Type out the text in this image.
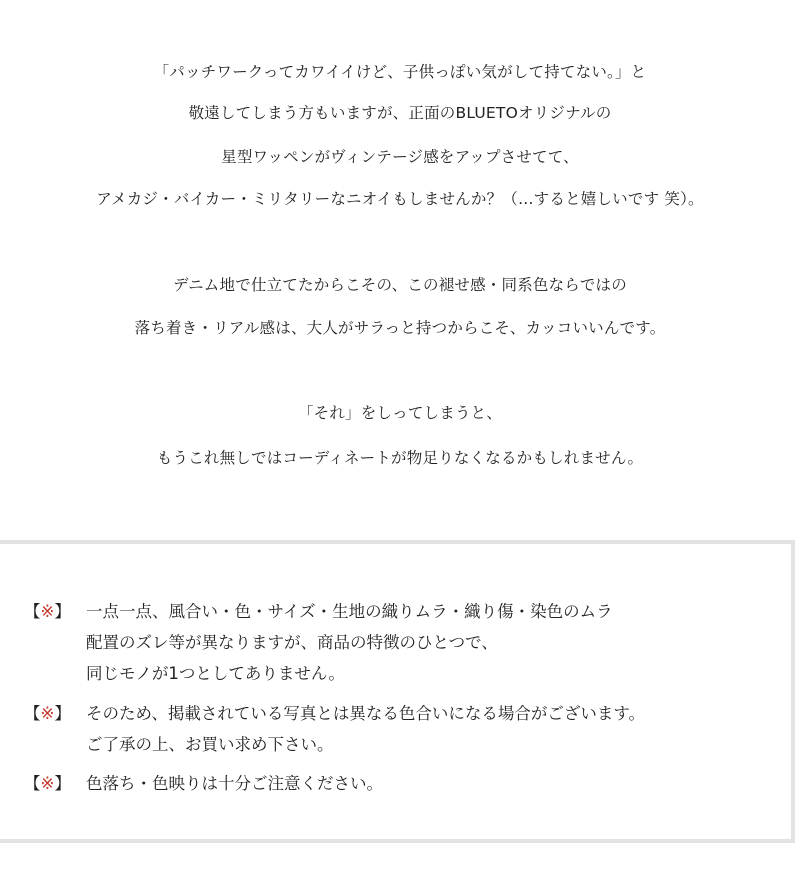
「パッチワークってカワイイけど、子供っぽい気がして持てない。」と
敬遠してしまう方もいますが、正面のBLUETOオリジナルの
星型ワッペンがヴィンテージ感をアップさせてて、
アメカジ・バイカー・ミリタリーなニオイもしませんか？（…すると嬉しいです 笑）。
デニム地で仕立てたからこその、この褪せ感・同系色ならではの
落ち着き・リアル感は、大人がサラっと持つからこそ、カッコいいんです。
「それ」をしってしまうと、
もうこれ無しではコーディネートが物足りなくなるかもしれません。
【※】 一点一点、風合い・色・サイズ・生地の織りムラ・織り傷・染色のムラ
配置のズレ等が異なりますが、商品の特徴のひとつで、
同じモノが1つとしてありません。
【※】 そのため、掲載されている写真とは異なる色合いになる場合がございます。
ご了承の上、お買い求め下さい。
【※】 色落ち・色映りは十分ご注意ください。
